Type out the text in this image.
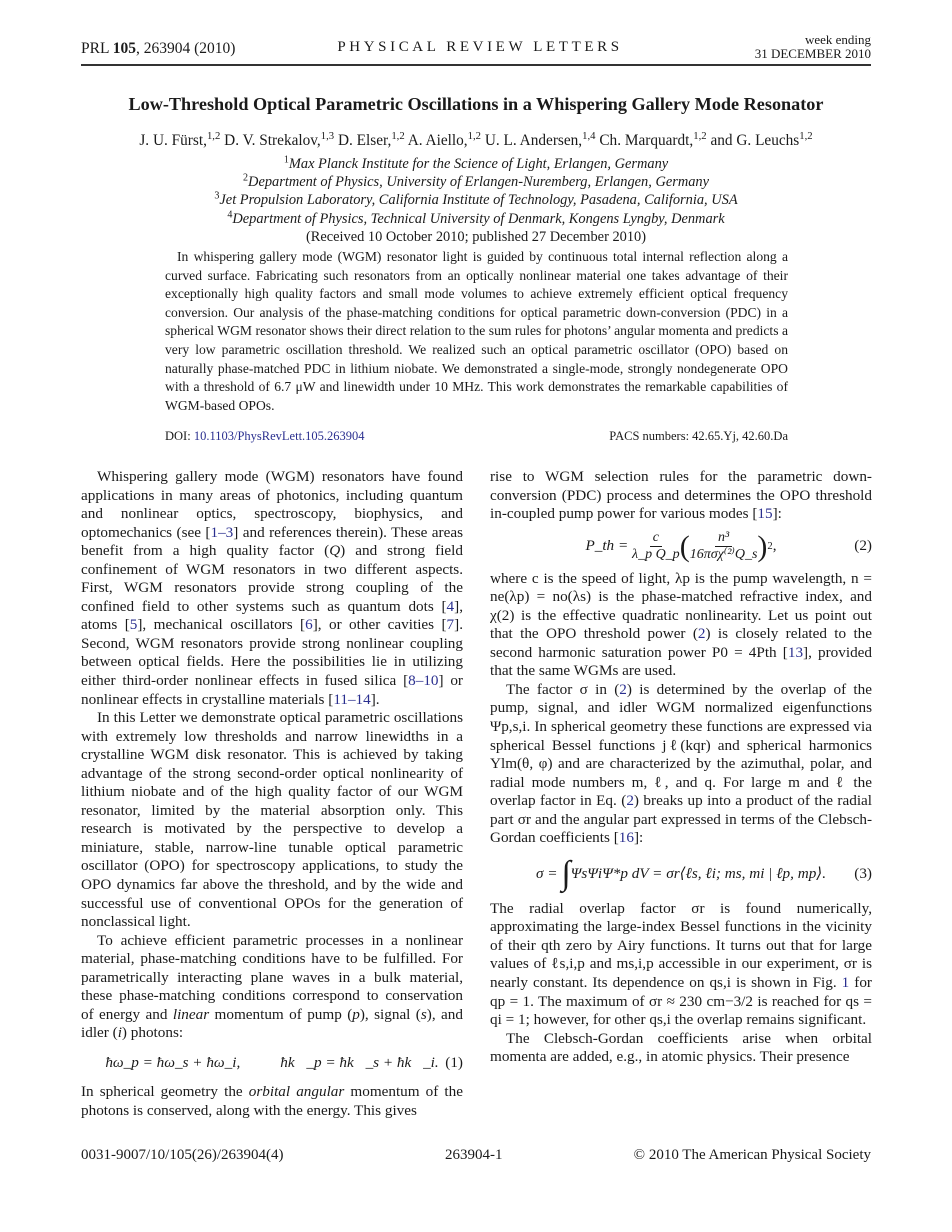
PRL 105, 263904 (2010)	PHYSICAL REVIEW LETTERS	week ending
31 DECEMBER 2010
Low-Threshold Optical Parametric Oscillations in a Whispering Gallery Mode Resonator
J. U. Fürst,$^{1,2}$ D. V. Strekalov,$^{1,3}$ D. Elser,$^{1,2}$ A. Aiello,$^{1,2}$ U. L. Andersen,$^{1,4}$ Ch. Marquardt,$^{1,2}$ and G. Leuchs$^{1,2}$
$^1$Max Planck Institute for the Science of Light, Erlangen, Germany
$^2$Department of Physics, University of Erlangen-Nuremberg, Erlangen, Germany
$^3$Jet Propulsion Laboratory, California Institute of Technology, Pasadena, California, USA
$^4$Department of Physics, Technical University of Denmark, Kongens Lyngby, Denmark
(Received 10 October 2010; published 27 December 2010)
In whispering gallery mode (WGM) resonator light is guided by continuous total internal reflection along a curved surface. Fabricating such resonators from an optically nonlinear material one takes advantage of their exceptionally high quality factors and small mode volumes to achieve extremely efficient optical frequency conversion. Our analysis of the phase-matching conditions for optical parametric down-conversion (PDC) in a spherical WGM resonator shows their direct relation to the sum rules for photons’ angular momenta and predicts a very low parametric oscillation threshold. We realized such an optical parametric oscillator (OPO) based on naturally phase-matched PDC in lithium niobate. We demonstrated a single-mode, strongly nondegenerate OPO with a threshold of 6.7 μW and linewidth under 10 MHz. This work demonstrates the remarkable capabilities of WGM-based OPOs.
DOI: 10.1103/PhysRevLett.105.263904	PACS numbers: 42.65.Yj, 42.60.Da

Whispering gallery mode (WGM) resonators have found applications in many areas of photonics, including quantum and nonlinear optics, spectroscopy, biophysics, and optomechanics (see [1–3] and references therein). These areas benefit from a high quality factor (Q) and strong field confinement of WGM resonators in two different aspects. First, WGM resonators provide strong coupling of the confined field to other systems such as quantum dots [4], atoms [5], mechanical oscillators [6], or other cavities [7]. Second, WGM resonators provide strong nonlinear coupling between optical fields. Here the possibilities lie in utilizing either third-order nonlinear effects in fused silica [8–10] or nonlinear effects in crystalline materials [11–14].

In this Letter we demonstrate optical parametric oscillations with extremely low thresholds and narrow linewidths in a crystalline WGM disk resonator. This is achieved by taking advantage of the strong second-order optical nonlinearity of lithium niobate and of the high quality factor of our WGM resonator, limited by the material absorption only. This research is motivated by the perspective to develop a miniature, stable, narrow-line tunable optical parametric oscillator (OPO) for spectroscopy applications, to study the OPO dynamics far above the threshold, and by the wide and successful use of conventional OPOs for the generation of nonclassical light.

To achieve efficient parametric processes in a nonlinear material, phase-matching conditions have to be fulfilled. For parametrically interacting plane waves in a bulk material, these phase-matching conditions correspond to conservation of energy and linear momentum of pump (p), signal (s), and idler (i) photons:

ħω_p = ħω_s + ħω_i,	ħk⃗_p = ħk⃗_s + ħk⃗_i. (1)

In spherical geometry the orbital angular momentum of the photons is conserved, along with the energy. This gives

rise to WGM selection rules for the parametric down-conversion (PDC) process and determines the OPO threshold in-coupled pump power for various modes [15]:

P_th =
$\frac{c}{\text{λ\_p Q\_p}}$ ( $\frac{\text{n³}}{\text{16πσχ⁽²⁾Q\_s}}$ ) 2 ,	(2)

where c is the speed of light, λp is the pump wavelength, n = ne(λp) = no(λs) is the phase-matched refractive index, and χ(2) is the effective quadratic nonlinearity. Let us point out that the OPO threshold power (2) is closely related to the second harmonic saturation power P0 = 4Pth [13], provided that the same WGMs are used.

The factor σ in (2) is determined by the overlap of the pump, signal, and idler WGM normalized eigenfunctions Ψp,s,i. In spherical geometry these functions are expressed via spherical Bessel functions jℓ(kqr) and spherical harmonics Ylm(θ, φ) and are characterized by the azimuthal, polar, and radial mode numbers m, ℓ, and q. For large m and ℓ the overlap factor in Eq. (2) breaks up into a product of the radial part σr and the angular part expressed in terms of the Clebsch-Gordan coefficients [16]:

σ =
∫ ΨsΨiΨ*p dV = σr⟨ℓs, ℓi; ms, mi | ℓp, mp⟩. (3)

The radial overlap factor σr is found numerically, approximating the large-index Bessel functions in the vicinity of their qth zero by Airy functions. It turns out that for large values of ℓs,i,p and ms,i,p accessible in our experiment, σr is nearly constant. Its dependence on qs,i is shown in Fig. 1 for qp = 1. The maximum of σr ≈ 230 cm−3/2 is reached for qs = qi = 1; however, for other qs,i the overlap remains significant.

The Clebsch-Gordan coefficients arise when orbital momenta are added, e.g., in atomic physics. Their presence

0031-9007/10/105(26)/263904(4)	263904-1	© 2010 The American Physical Society
